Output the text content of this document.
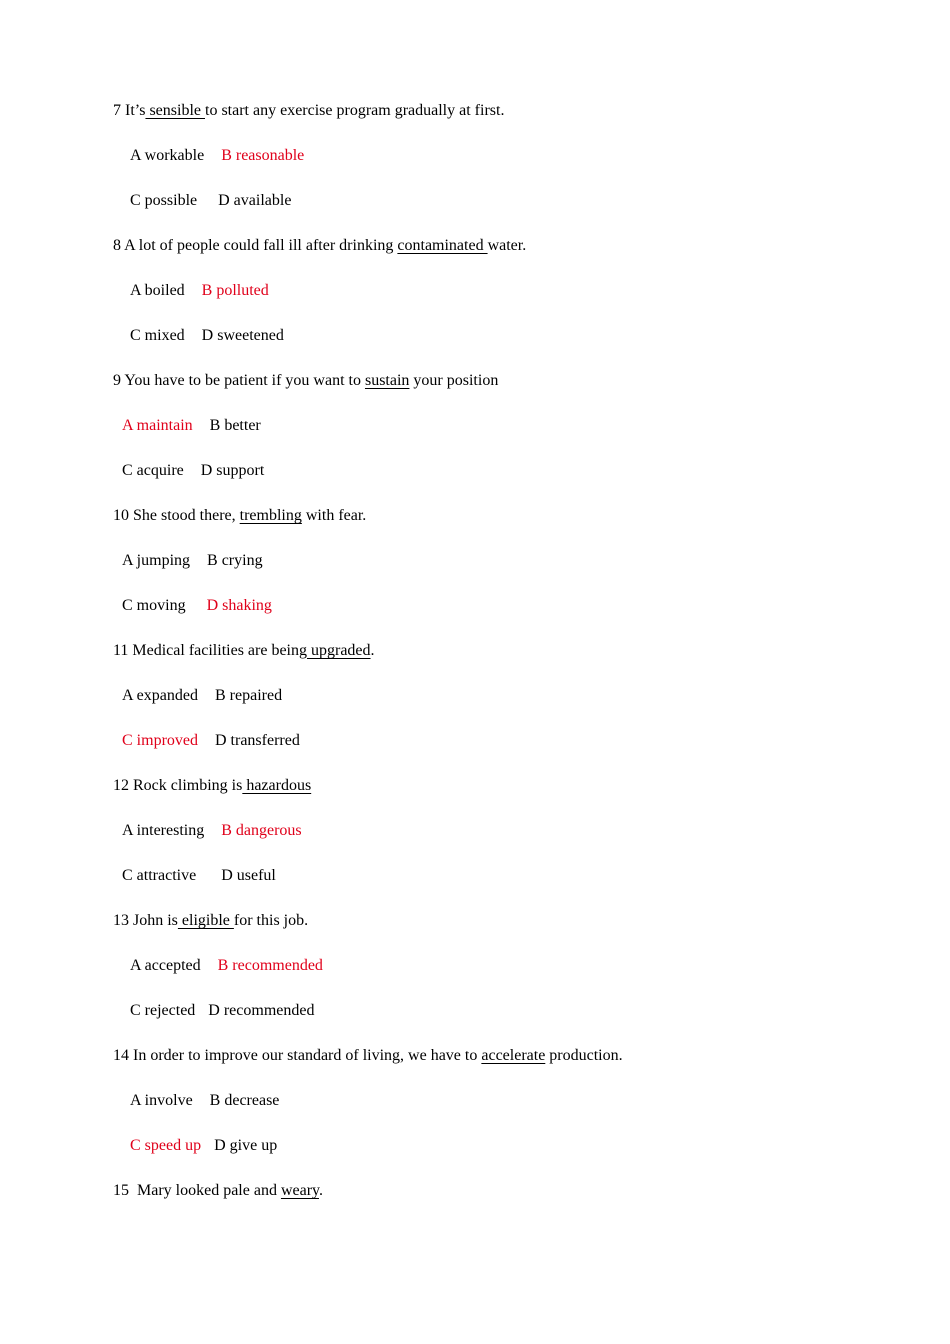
7 It’s sensible to start any exercise program gradually at first.
A workable B reasonable
C possible D available
8 A lot of people could fall ill after drinking contaminated water.
A boiled B polluted
C mixed D sweetened
9 You have to be patient if you want to sustain your position
A maintain B better
C acquire D support
10 She stood there, trembling with fear.
A jumping B crying
C moving D shaking
11 Medical facilities are being upgraded.
A expanded B repaired
C improved D transferred
12 Rock climbing is hazardous
A interesting B dangerous
C attractive D useful
13 John is eligible for this job.
A accepted B recommended
C rejected D recommended
14 In order to improve our standard of living, we have to accelerate production.
A involve B decrease
C speed up D give up
15  Mary looked pale and weary.
